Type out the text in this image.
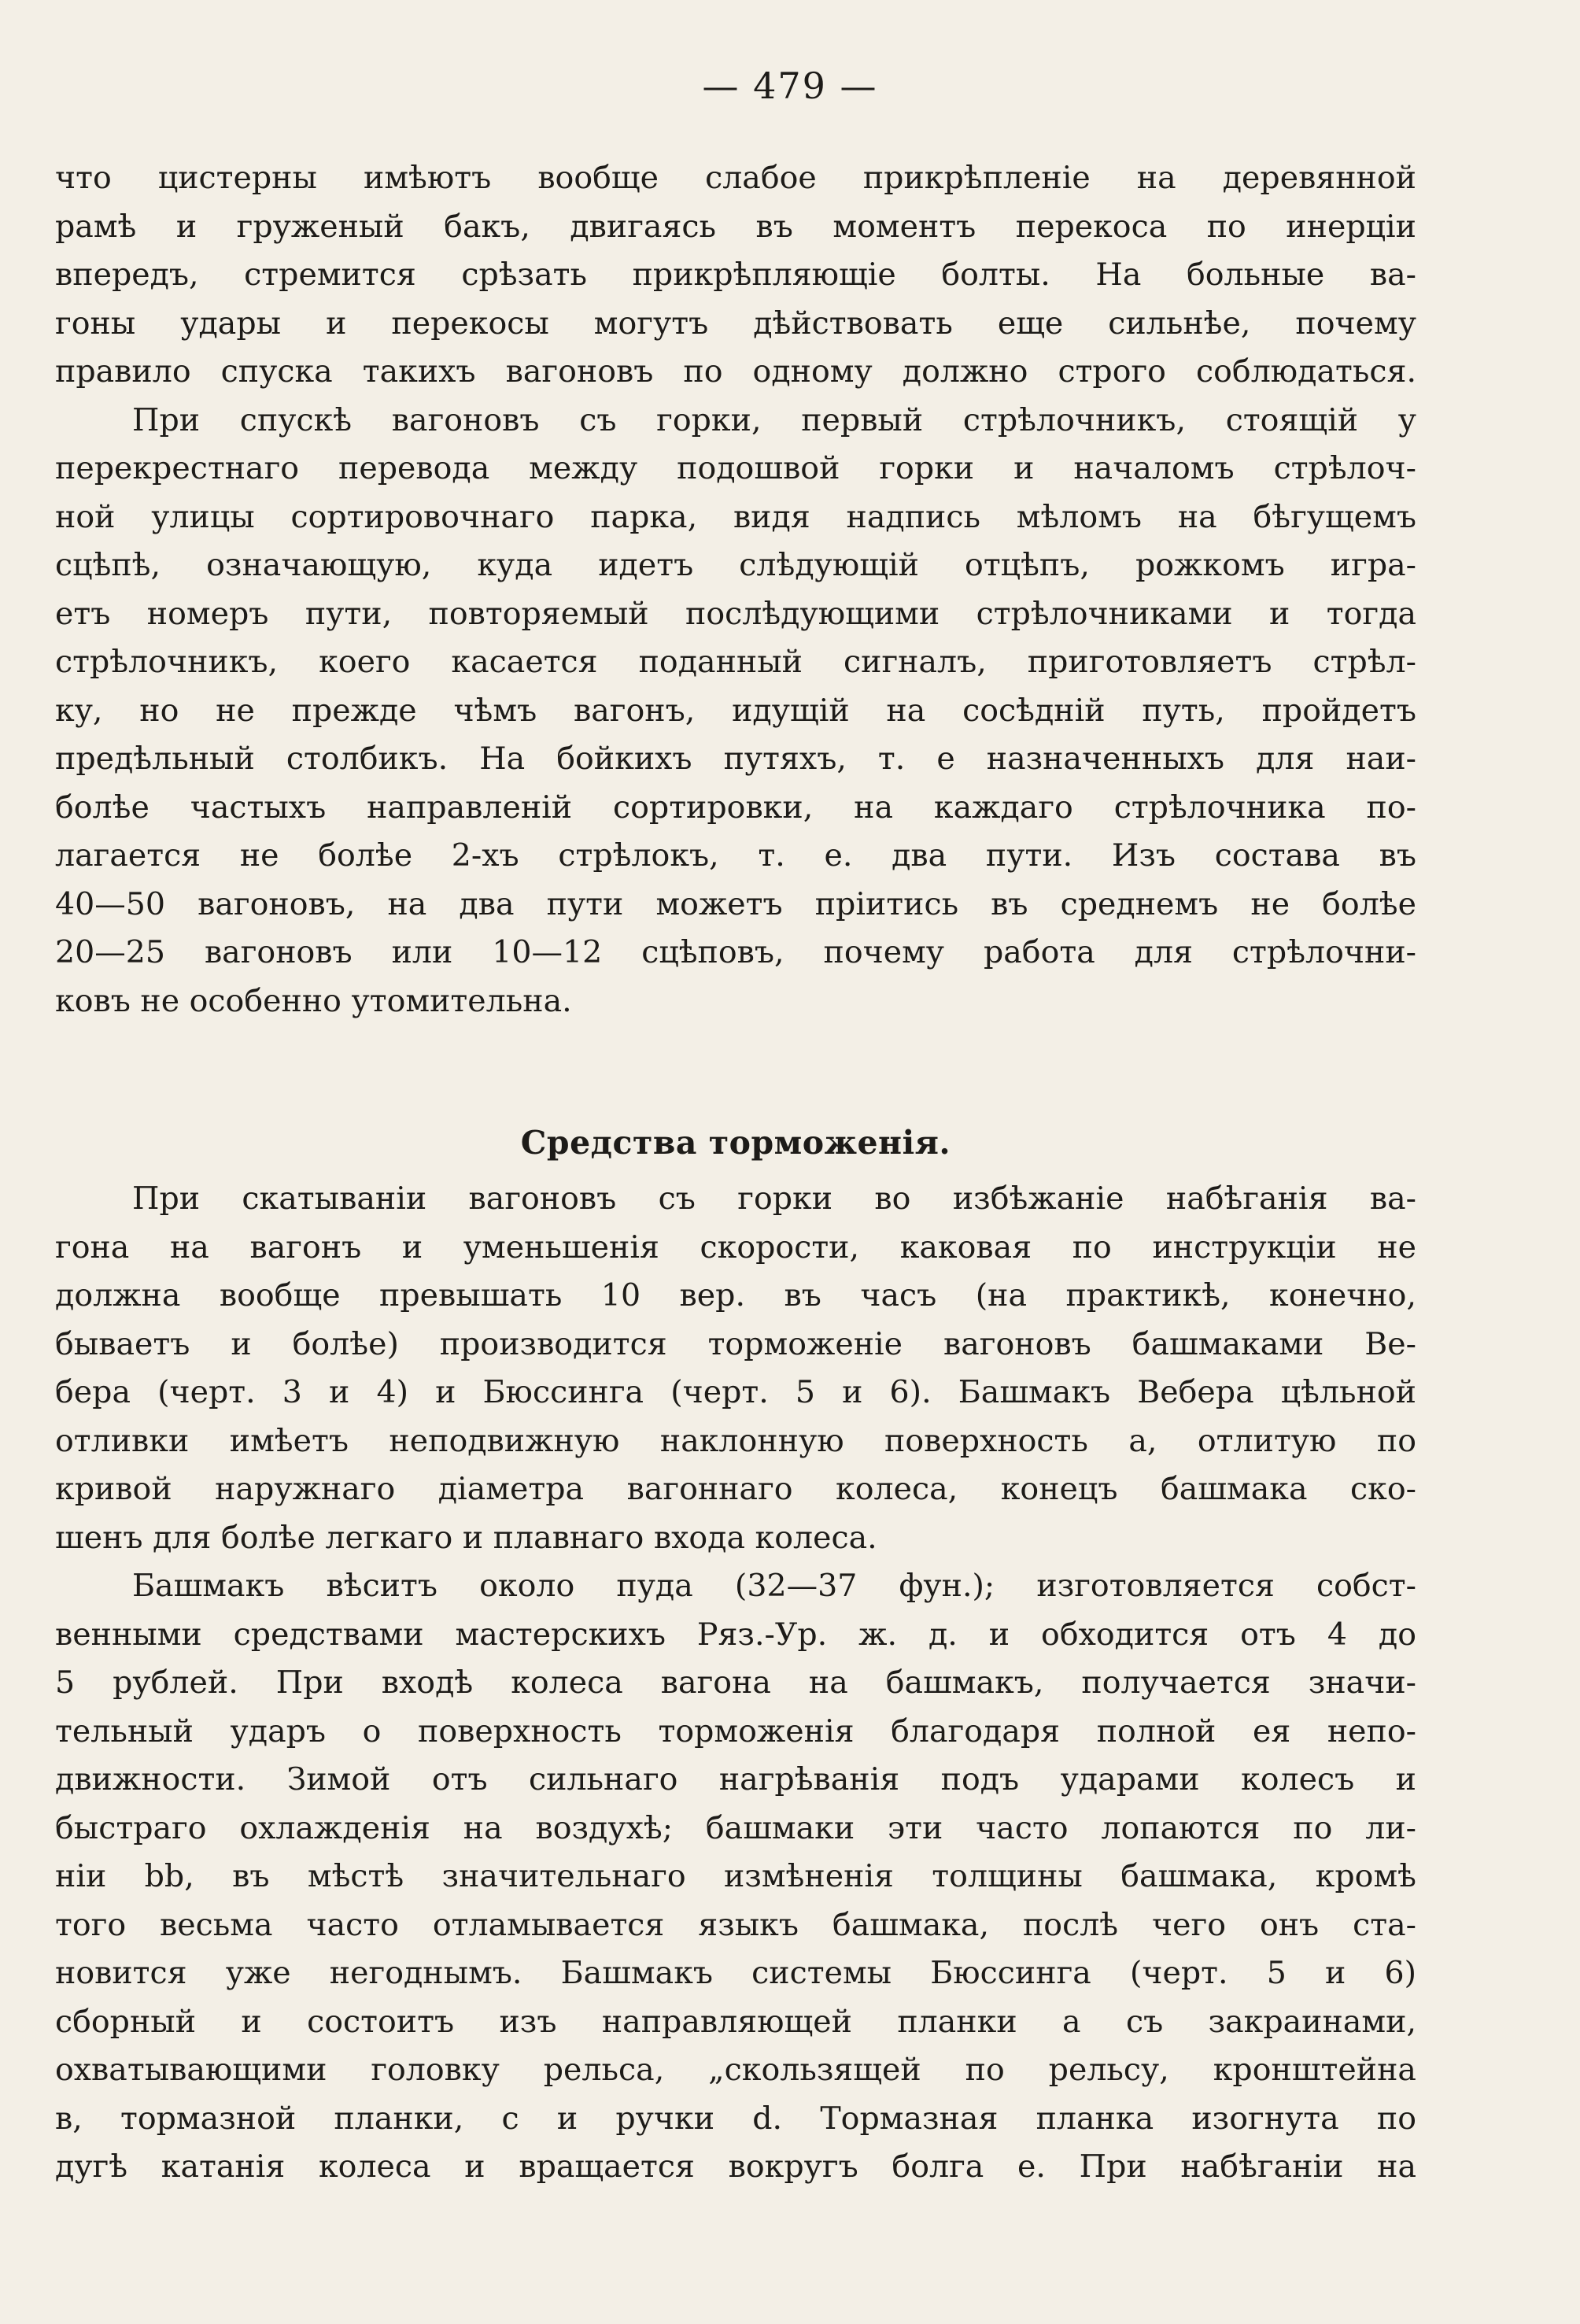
— 479 —
что цистерны имѣютъ вообще слабое прикрѣпленіе на деревянной
рамѣ и груженый бакъ, двигаясь въ моментъ перекоса по инерціи
впередъ, стремится срѣзать прикрѣпляющіе болты. На больные ва-
гоны удары и перекосы могутъ дѣйствовать еще сильнѣе, почему
правило спуска такихъ вагоновъ по одному должно строго соблюдаться.
При спускѣ вагоновъ съ горки, первый стрѣлочникъ, стоящій у
перекрестнаго перевода между подошвой горки и началомъ стрѣлоч-
ной улицы сортировочнаго парка, видя надпись мѣломъ на бѣгущемъ
сцѣпѣ, означающую, куда идетъ слѣдующій отцѣпъ, рожкомъ игра-
етъ номеръ пути, повторяемый послѣдующими стрѣлочниками и тогда
стрѣлочникъ, коего касается поданный сигналъ, приготовляетъ стрѣл-
ку, но не прежде чѣмъ вагонъ, идущій на сосѣдній путь, пройдетъ
предѣльный столбикъ. На бойкихъ путяхъ, т. е назначенныхъ для наи-
болѣе частыхъ направленій сортировки, на каждаго стрѣлочника по-
лагается не болѣе 2-хъ стрѣлокъ, т. е. два пути. Изъ состава въ
40—50 вагоновъ, на два пути можетъ пріитись въ среднемъ не болѣе
20—25 вагоновъ или 10—12 сцѣповъ, почему работа для стрѣлочни-
ковъ не особенно утомительна.
Средства торможенія.
При скатываніи вагоновъ съ горки во избѣжаніе набѣганія ва-
гона на вагонъ и уменьшенія скорости, каковая по инструкціи не
должна вообще превышать 10 вер. въ часъ (на практикѣ, конечно,
бываетъ и болѣе) производится торможеніе вагоновъ башмаками Ве-
бера (черт. 3 и 4) и Бюссинга (черт. 5 и 6). Башмакъ Вебера цѣльной
отливки имѣетъ неподвижную наклонную поверхность а, отлитую по
кривой наружнаго діаметра вагоннаго колеса, конецъ башмака ско-
шенъ для болѣе легкаго и плавнаго входа колеса.
Башмакъ вѣситъ около пуда (32—37 фун.); изготовляется собст-
венными средствами мастерскихъ Ряз.-Ур. ж. д. и обходится отъ 4 до
5 рублей. При входѣ колеса вагона на башмакъ, получается значи-
тельный ударъ о поверхность торможенія благодаря полной ея непо-
движности. Зимой отъ сильнаго нагрѣванія подъ ударами колесъ и
быстраго охлажденія на воздухѣ; башмаки эти часто лопаются по ли-
ніи bb, въ мѣстѣ значительнаго измѣненія толщины башмака, кромѣ
того весьма часто отламывается языкъ башмака, послѣ чего онъ ста-
новится уже негоднымъ. Башмакъ системы Бюссинга (черт. 5 и 6)
сборный и состоитъ изъ направляющей планки а съ закраинами,
охватывающими головку рельса, „скользящей по рельсу, кронштейна
в, тормазной планки, с и ручки d. Тормазная планка изогнута по
дугѣ катанія колеса и вращается вокругъ болга е. При набѣганіи на
